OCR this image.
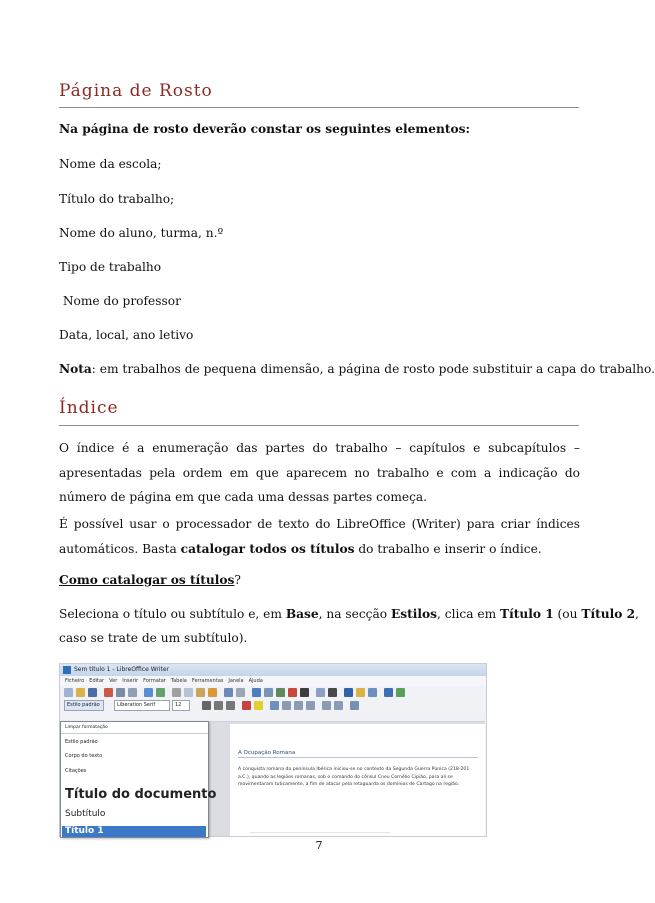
Página de Rosto
Na página de rosto deverão constar os seguintes elementos:
Nome da escola;
Título do trabalho;
Nome do aluno, turma, n.º
Tipo de trabalho
Nome do professor
Data, local, ano letivo
Nota: em trabalhos de pequena dimensão, a página de rosto pode substituir a capa do trabalho.
Índice
O índice é a enumeração das partes do trabalho – capítulos e subcapítulos – apresentadas pela ordem em que aparecem no trabalho e com a indicação do número de página em que cada uma dessas partes começa.
É possível usar o processador de texto do LibreOffice (Writer) para criar índices automáticos. Basta catalogar todos os títulos do trabalho e inserir o índice.
Como catalogar os títulos?
Seleciona o título ou subtítulo e, em Base, na secção Estilos, clica em Título 1 (ou Título 2,
caso se trate de um subtítulo).
Sem título 1 - LibreOffice Writer
Ficheiro Editar Ver Inserir Formatar Tabela Ferramentas Janela Ajuda
Estilo padrão	Liberation Serif	12
A Ocupação Romana
A conquista romana da península Ibérica iniciou-se no contexto da Segunda Guerra Púnica (218-201 a.C.), quando as legiões romanas, sob o comando do cônsul Cneu Cornélio Cipião, para ali se movimentaram tuticamente, a fim de atacar pela retaguarda os domínios de Cartago na região.
Limpar formatação
Estilo padrão
Corpo do texto
Citações
Título do documento
Subtítulo
Título 1
7
